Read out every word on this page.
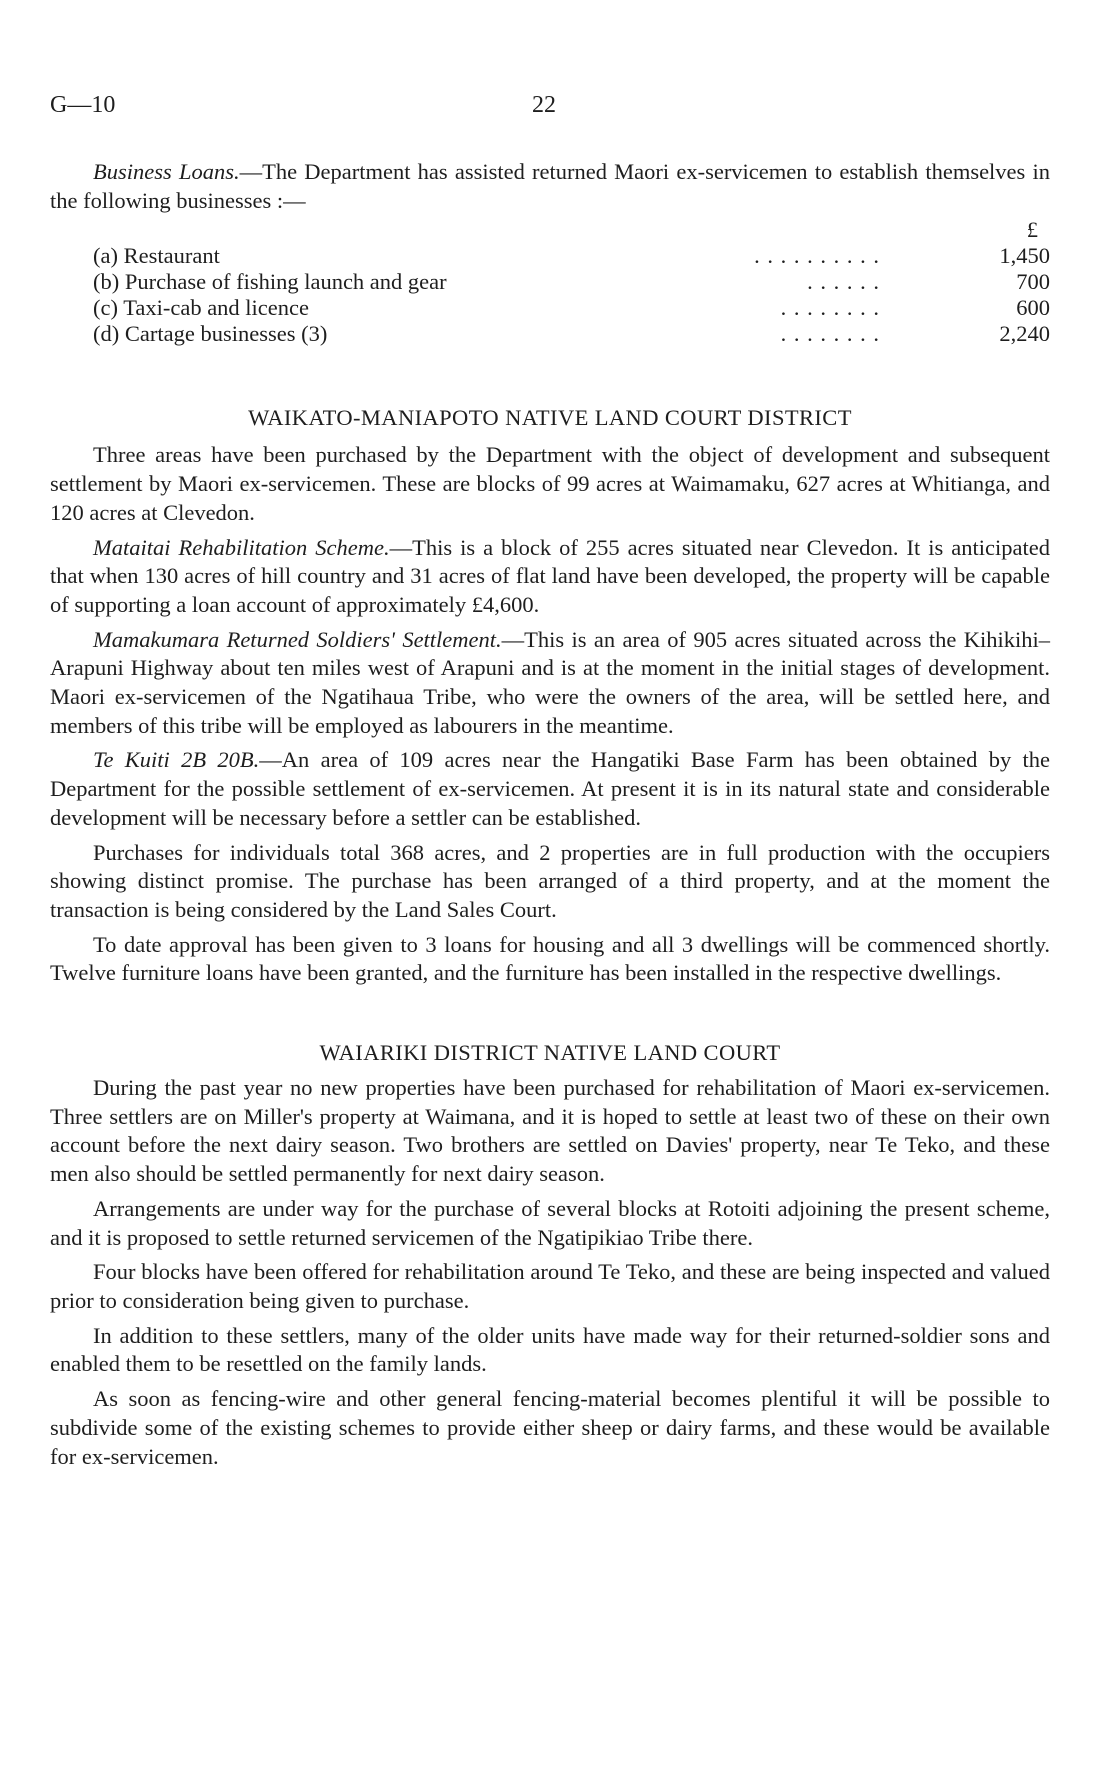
G—10	22

Business Loans.—The Department has assisted returned Maori ex-servicemen to establish themselves in the following businesses :—

£
(a) Restaurant	. . . . . . . . . .	1,450
(b) Purchase of fishing launch and gear	. . . . . .	700
(c) Taxi-cab and licence	. . . . . . . .	600
(d) Cartage businesses (3)	. . . . . . . .	2,240
WAIKATO-MANIAPOTO NATIVE LAND COURT DISTRICT

Three areas have been purchased by the Department with the object of development and subsequent settlement by Maori ex-servicemen. These are blocks of 99 acres at Waimamaku, 627 acres at Whitianga, and 120 acres at Clevedon.

Mataitai Rehabilitation Scheme.—This is a block of 255 acres situated near Clevedon. It is anticipated that when 130 acres of hill country and 31 acres of flat land have been developed, the property will be capable of supporting a loan account of approximately £4,600.

Mamakumara Returned Soldiers' Settlement.—This is an area of 905 acres situated across the Kihikihi–Arapuni Highway about ten miles west of Arapuni and is at the moment in the initial stages of development. Maori ex-servicemen of the Ngatihaua Tribe, who were the owners of the area, will be settled here, and members of this tribe will be employed as labourers in the meantime.

Te Kuiti 2B 20B.—An area of 109 acres near the Hangatiki Base Farm has been obtained by the Department for the possible settlement of ex-servicemen. At present it is in its natural state and considerable development will be necessary before a settler can be established.

Purchases for individuals total 368 acres, and 2 properties are in full production with the occupiers showing distinct promise. The purchase has been arranged of a third property, and at the moment the transaction is being considered by the Land Sales Court.

To date approval has been given to 3 loans for housing and all 3 dwellings will be commenced shortly. Twelve furniture loans have been granted, and the furniture has been installed in the respective dwellings.

WAIARIKI DISTRICT NATIVE LAND COURT

During the past year no new properties have been purchased for rehabilitation of Maori ex-servicemen. Three settlers are on Miller's property at Waimana, and it is hoped to settle at least two of these on their own account before the next dairy season. Two brothers are settled on Davies' property, near Te Teko, and these men also should be settled permanently for next dairy season.

Arrangements are under way for the purchase of several blocks at Rotoiti adjoining the present scheme, and it is proposed to settle returned servicemen of the Ngatipikiao Tribe there.

Four blocks have been offered for rehabilitation around Te Teko, and these are being inspected and valued prior to consideration being given to purchase.

In addition to these settlers, many of the older units have made way for their returned-soldier sons and enabled them to be resettled on the family lands.

As soon as fencing-wire and other general fencing-material becomes plentiful it will be possible to subdivide some of the existing schemes to provide either sheep or dairy farms, and these would be available for ex-servicemen.
